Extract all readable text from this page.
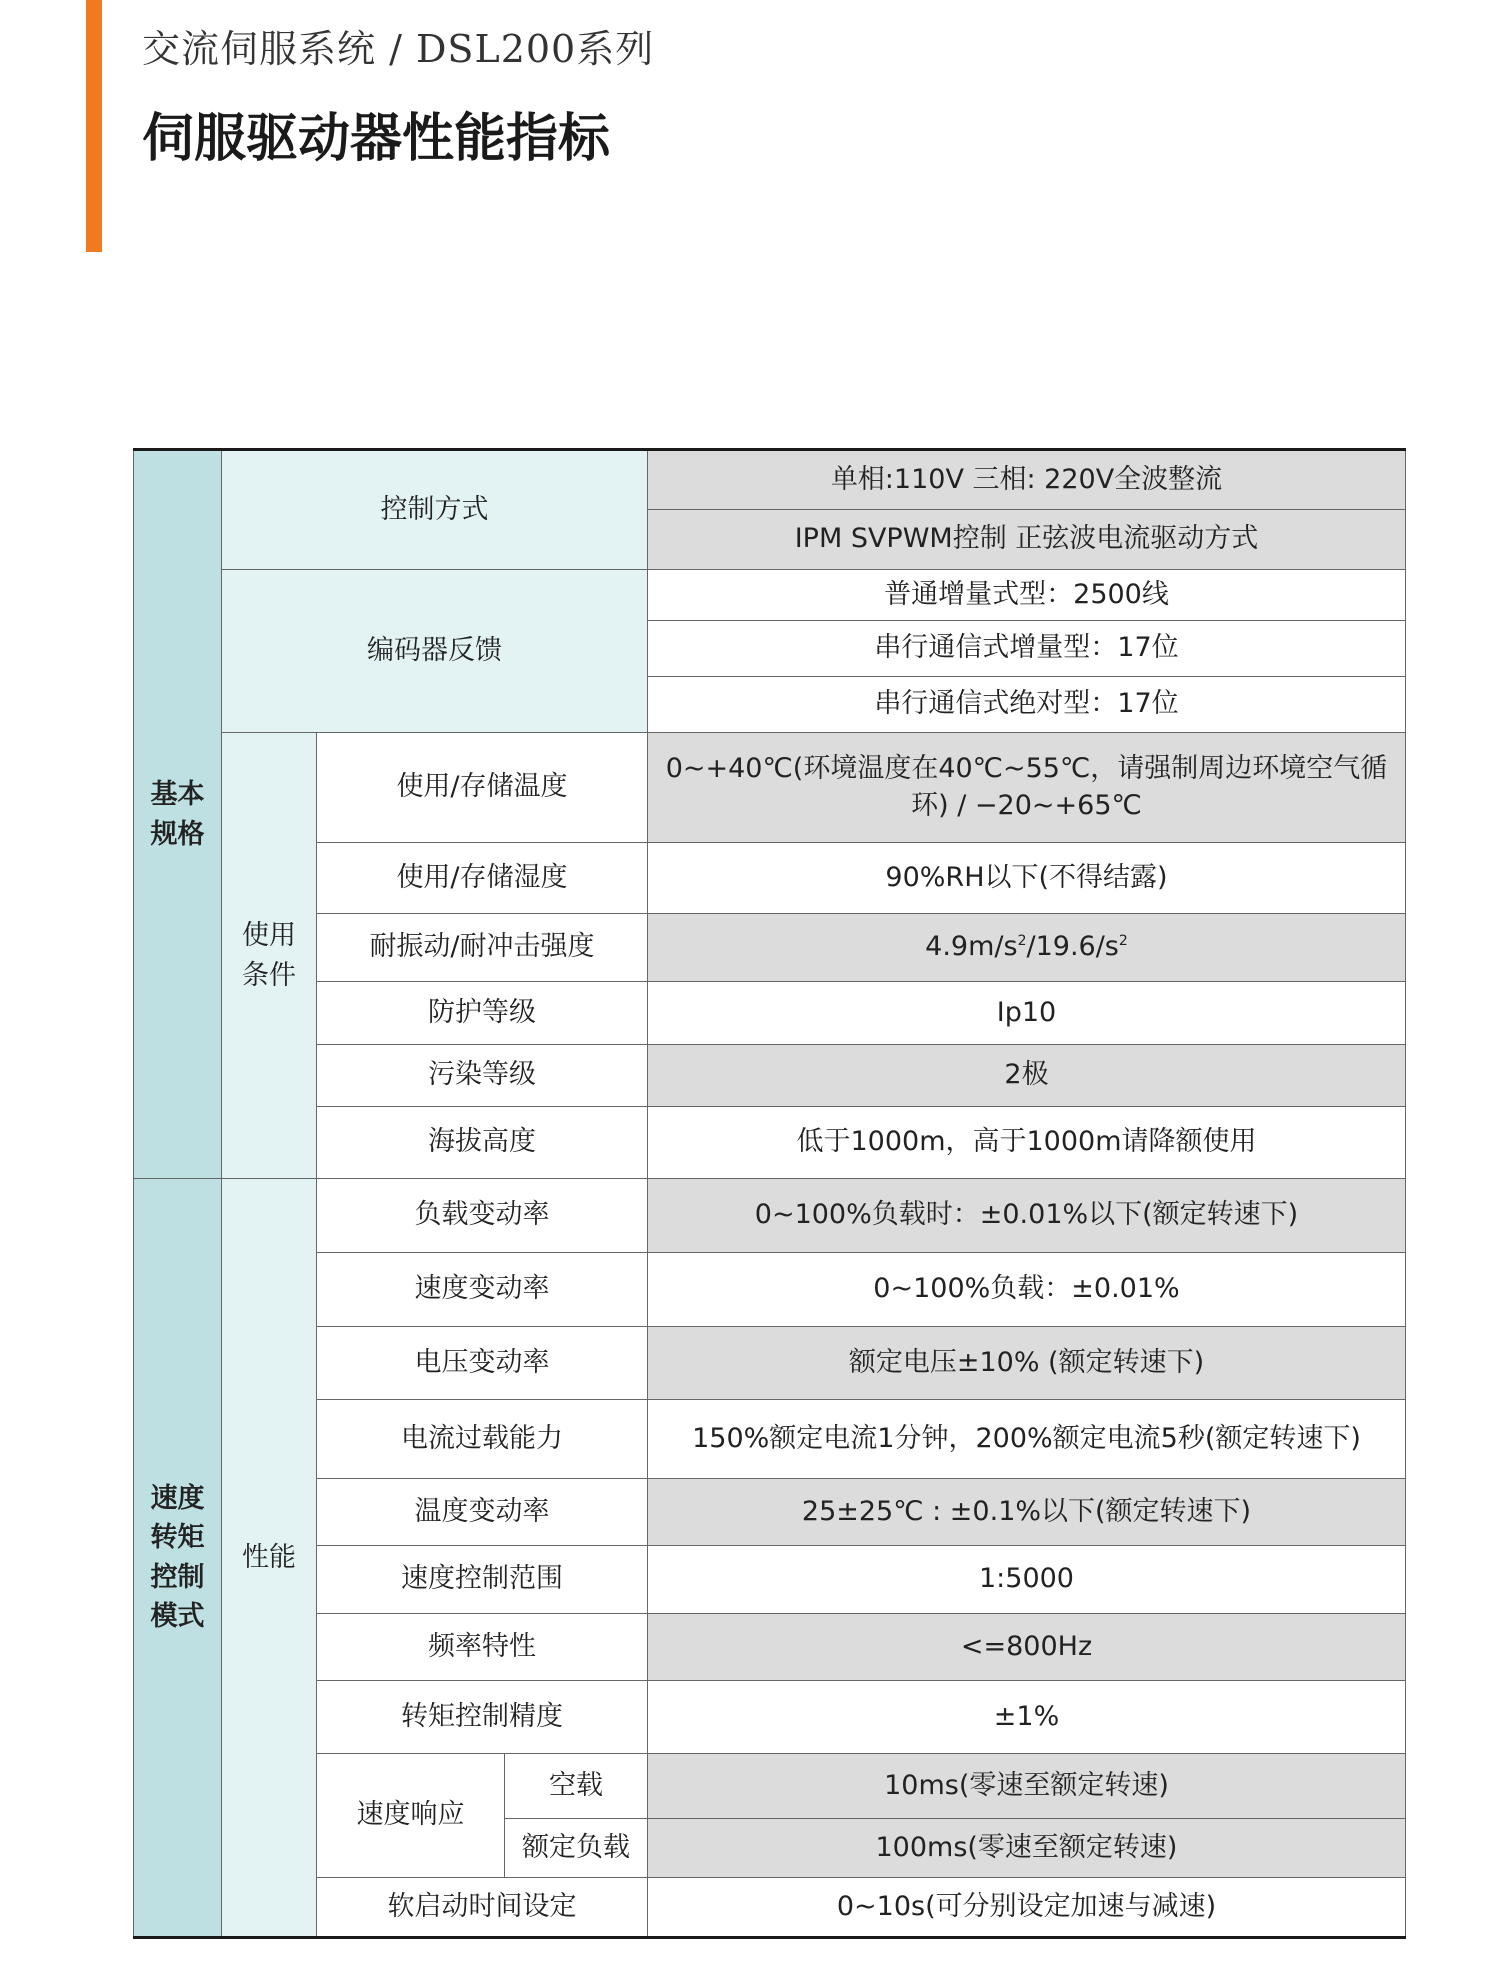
交流伺服系统 / DSL200系列
伺服驱动器性能指标
基本
规格	控制方式			单相:110V 三相: 220V全波整流
				IPM SVPWM控制 正弦波电流驱动方式
	编码器反馈			普通增量式型：2500线
				串行通信式增量型：17位
				串行通信式绝对型：17位
	使用
条件	使用/存储温度		0~+40℃(环境温度在40℃~55℃，请强制周边环境空气循环) / −20~+65℃
		使用/存储湿度		90%RH以下(不得结露)
		耐振动/耐冲击强度		$4.9m/s^2/19.6/s^2$
		防护等级		Ip10
		污染等级		2极
		海拔高度		低于1000m，高于1000m请降额使用
速度
转矩
控制
模式	性能	负载变动率		0~100%负载时：±0.01%以下(额定转速下)
		速度变动率		0~100%负载：±0.01%
		电压变动率		额定电压±10% (额定转速下)
		电流过载能力		150%额定电流1分钟，200%额定电流5秒(额定转速下)
		温度变动率		25±25℃ : ±0.1%以下(额定转速下)
		速度控制范围		1:5000
		频率特性		<=800Hz
		转矩控制精度		±1%
		速度响应	空载	10ms(零速至额定转速)
			额定负载	100ms(零速至额定转速)
		软启动时间设定		0~10s(可分别设定加速与减速)
